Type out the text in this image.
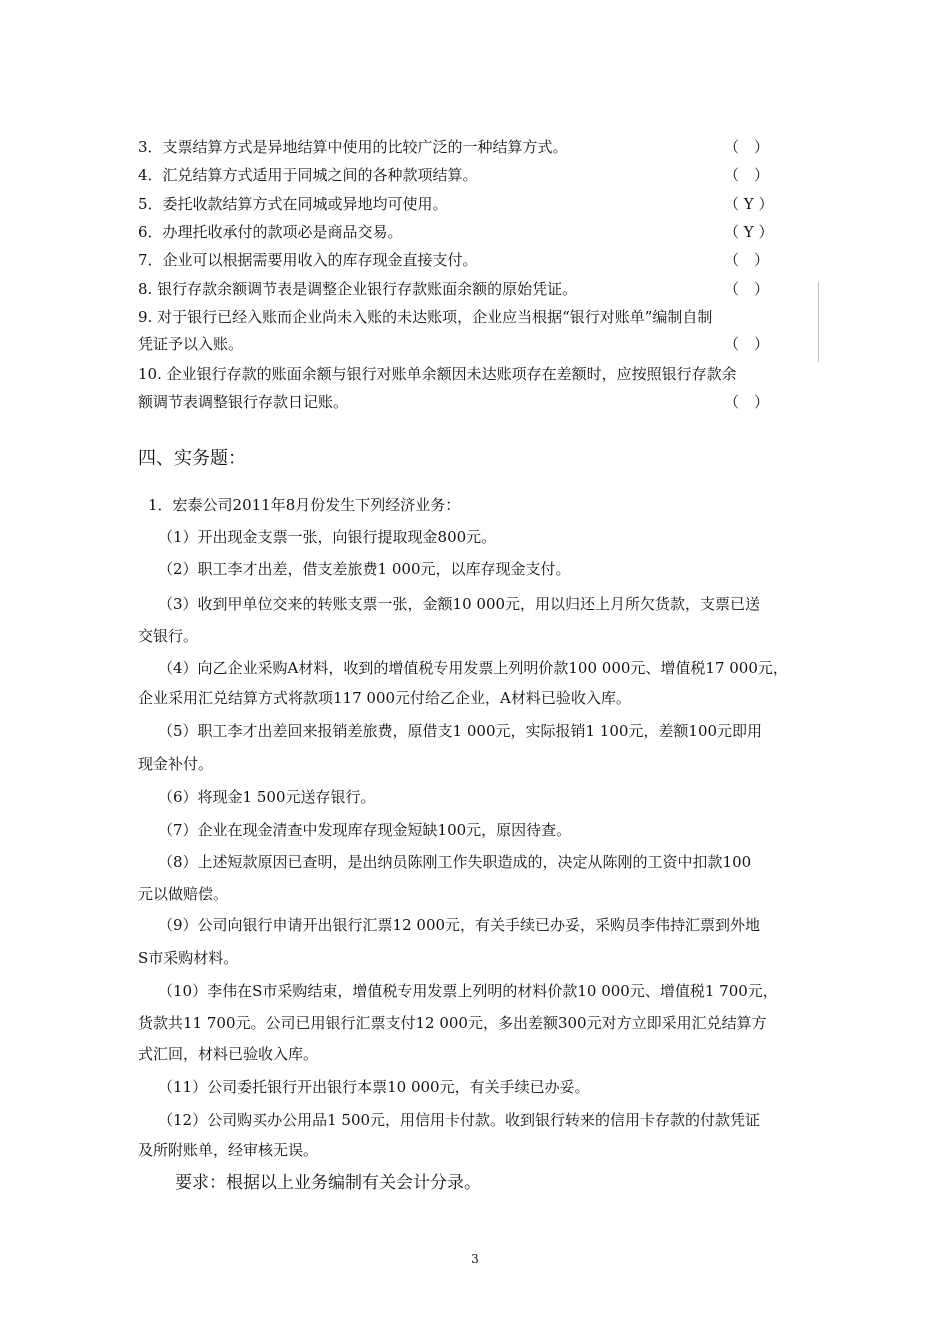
3．支票结算方式是异地结算中使用的比较广泛的一种结算方式。	（　）
4．汇兑结算方式适用于同城之间的各种款项结算。	（　）
5．委托收款结算方式在同城或异地均可使用。	（ Y ）
6．办理托收承付的款项必是商品交易。	（ Y ）
7．企业可以根据需要用收入的库存现金直接支付。	（　）
8. 银行存款余额调节表是调整企业银行存款账面余额的原始凭证。	（　）
9. 对于银行已经入账而企业尚未入账的未达账项，企业应当根据“银行对账单”编制自制
凭证予以入账。	（　）
10. 企业银行存款的账面余额与银行对账单余额因未达账项存在差额时，应按照银行存款余
额调节表调整银行存款日记账。	（　）
四、实务题：
1．宏泰公司2011年8月份发生下列经济业务：
（1）开出现金支票一张，向银行提取现金800元。
（2）职工李才出差，借支差旅费1 000元，以库存现金支付。
（3）收到甲单位交来的转账支票一张，金额10 000元，用以归还上月所欠货款，支票已送
交银行。
（4）向乙企业采购A材料，收到的增值税专用发票上列明价款100 000元、增值税17 000元，
企业采用汇兑结算方式将款项117 000元付给乙企业，A材料已验收入库。
（5）职工李才出差回来报销差旅费，原借支1 000元，实际报销1 100元，差额100元即用
现金补付。
（6）将现金1 500元送存银行。
（7）企业在现金清查中发现库存现金短缺100元，原因待查。
（8）上述短款原因已查明，是出纳员陈刚工作失职造成的，决定从陈刚的工资中扣款100
元以做赔偿。
（9）公司向银行申请开出银行汇票12 000元，有关手续已办妥，采购员李伟持汇票到外地
S市采购材料。
（10）李伟在S市采购结束，增值税专用发票上列明的材料价款10 000元、增值税1 700元，
货款共11 700元。公司已用银行汇票支付12 000元，多出差额300元对方立即采用汇兑结算方
式汇回，材料已验收入库。
（11）公司委托银行开出银行本票10 000元，有关手续已办妥。
（12）公司购买办公用品1 500元，用信用卡付款。收到银行转来的信用卡存款的付款凭证
及所附账单，经审核无误。
要求：根据以上业务编制有关会计分录。
3
